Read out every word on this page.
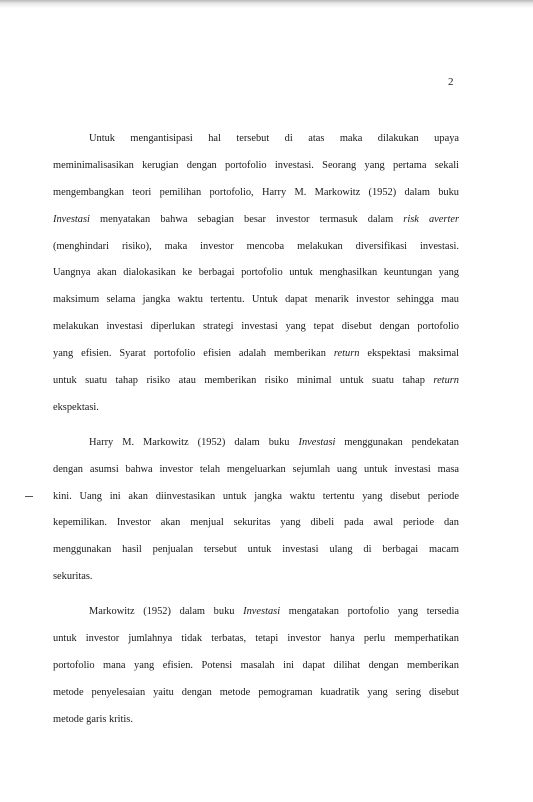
2
Untuk mengantisipasi hal tersebut di atas maka dilakukan upaya
meminimalisasikan kerugian dengan portofolio investasi. Seorang yang pertama sekali
mengembangkan teori pemilihan portofolio, Harry M. Markowitz (1952) dalam buku
Investasi menyatakan bahwa sebagian besar investor termasuk dalam risk averter
(menghindari risiko), maka investor mencoba melakukan diversifikasi investasi.
Uangnya akan dialokasikan ke berbagai portofolio untuk menghasilkan keuntungan yang
maksimum selama jangka waktu tertentu. Untuk dapat menarik investor sehingga mau
melakukan investasi diperlukan strategi investasi yang tepat disebut dengan portofolio
yang efisien. Syarat portofolio efisien adalah memberikan return ekspektasi maksimal
untuk suatu tahap risiko atau memberikan risiko minimal untuk suatu tahap return
ekspektasi.
Harry M. Markowitz (1952) dalam buku Investasi menggunakan pendekatan
dengan asumsi bahwa investor telah mengeluarkan sejumlah uang untuk investasi masa
kini. Uang ini akan diinvestasikan untuk jangka waktu tertentu yang disebut periode
kepemilikan. Investor akan menjual sekuritas yang dibeli pada awal periode dan
menggunakan hasil penjualan tersebut untuk investasi ulang di berbagai macam
sekuritas.
Markowitz (1952) dalam buku Investasi mengatakan portofolio yang tersedia
untuk investor jumlahnya tidak terbatas, tetapi investor hanya perlu memperhatikan
portofolio mana yang efisien. Potensi masalah ini dapat dilihat dengan memberikan
metode penyelesaian yaitu dengan metode pemograman kuadratik yang sering disebut
metode garis kritis.
